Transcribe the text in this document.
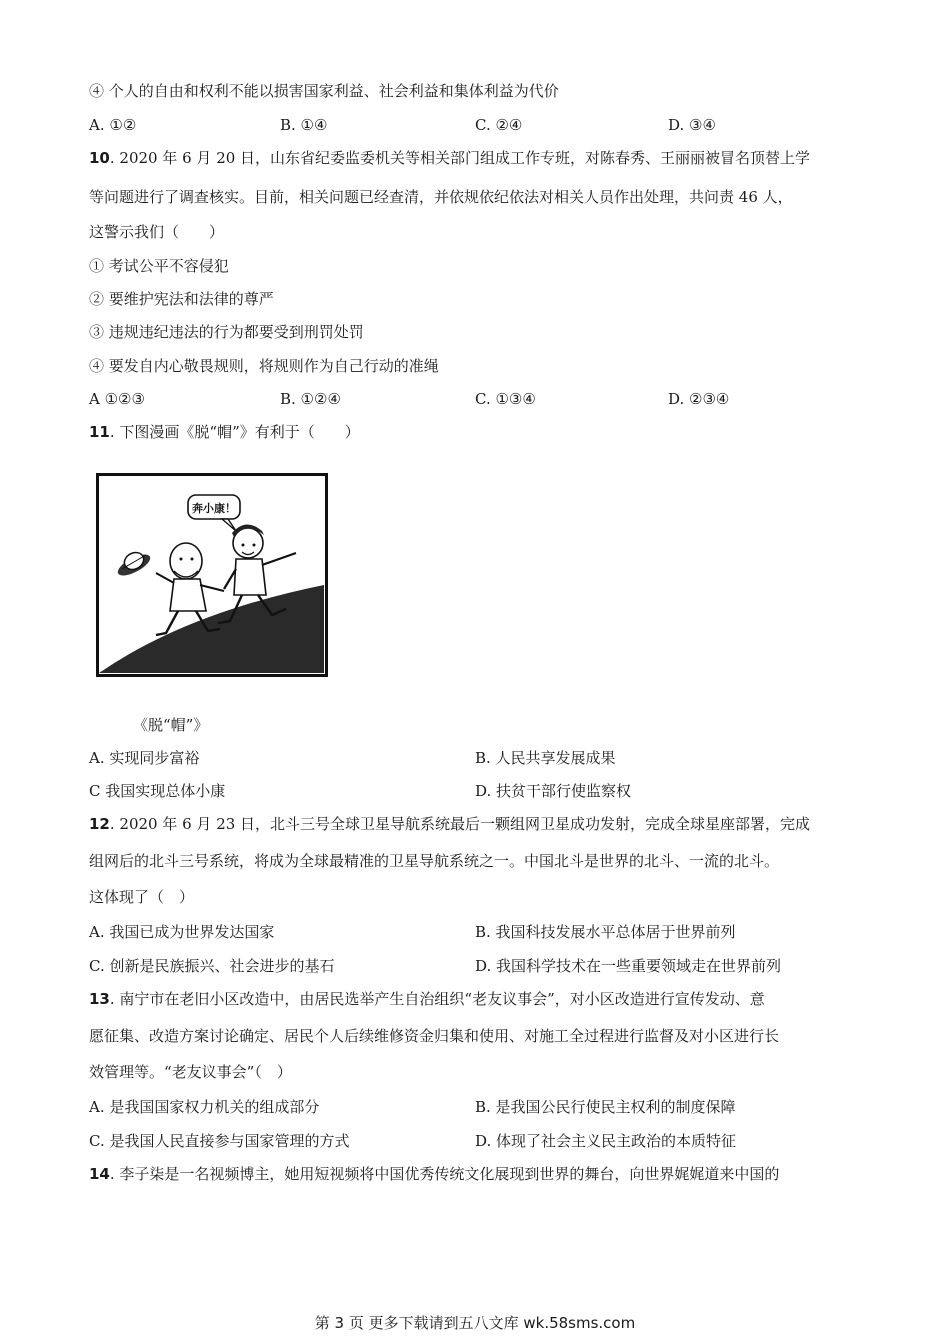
④ 个人的自由和权利不能以损害国家利益、社会利益和集体利益为代价
A. ①②	B. ①④	C. ②④	D. ③④
10. 2020 年 6 月 20 日，山东省纪委监委机关等相关部门组成工作专班，对陈春秀、王丽丽被冒名顶替上学
等问题进行了调查核实。目前，相关问题已经查清，并依规依纪依法对相关人员作出处理，共问责 46 人，
这警示我们（　　）
① 考试公平不容侵犯
② 要维护宪法和法律的尊严
③ 违规违纪违法的行为都要受到刑罚处罚
④ 要发自内心敬畏规则，将规则作为自己行动的准绳
A ①②③	B. ①②④	C. ①③④	D. ②③④
11. 下图漫画《脱“帽”》有利于（　　）
奔小康！
《脱“帽”》
A. 实现同步富裕	B. 人民共享发展成果
C 我国实现总体小康	D. 扶贫干部行使监察权
12. 2020 年 6 月 23 日，北斗三号全球卫星导航系统最后一颗组网卫星成功发射，完成全球星座部署，完成
组网后的北斗三号系统，将成为全球最精准的卫星导航系统之一。中国北斗是世界的北斗、一流的北斗。
这体现了（　）
A. 我国已成为世界发达国家	B. 我国科技发展水平总体居于世界前列
C. 创新是民族振兴、社会进步的基石	D. 我国科学技术在一些重要领域走在世界前列
13. 南宁市在老旧小区改造中，由居民选举产生自治组织“老友议事会”，对小区改造进行宣传发动、意
愿征集、改造方案讨论确定、居民个人后续维修资金归集和使用、对施工全过程进行监督及对小区进行长
效管理等。“老友议事会”（　）
A. 是我国国家权力机关的组成部分	B. 是我国公民行使民主权利的制度保障
C. 是我国人民直接参与国家管理的方式	D. 体现了社会主义民主政治的本质特征
14. 李子柒是一名视频博主，她用短视频将中国优秀传统文化展现到世界的舞台，向世界娓娓道来中国的
第 3 页 更多下载请到五八文库 wk.58sms.com
